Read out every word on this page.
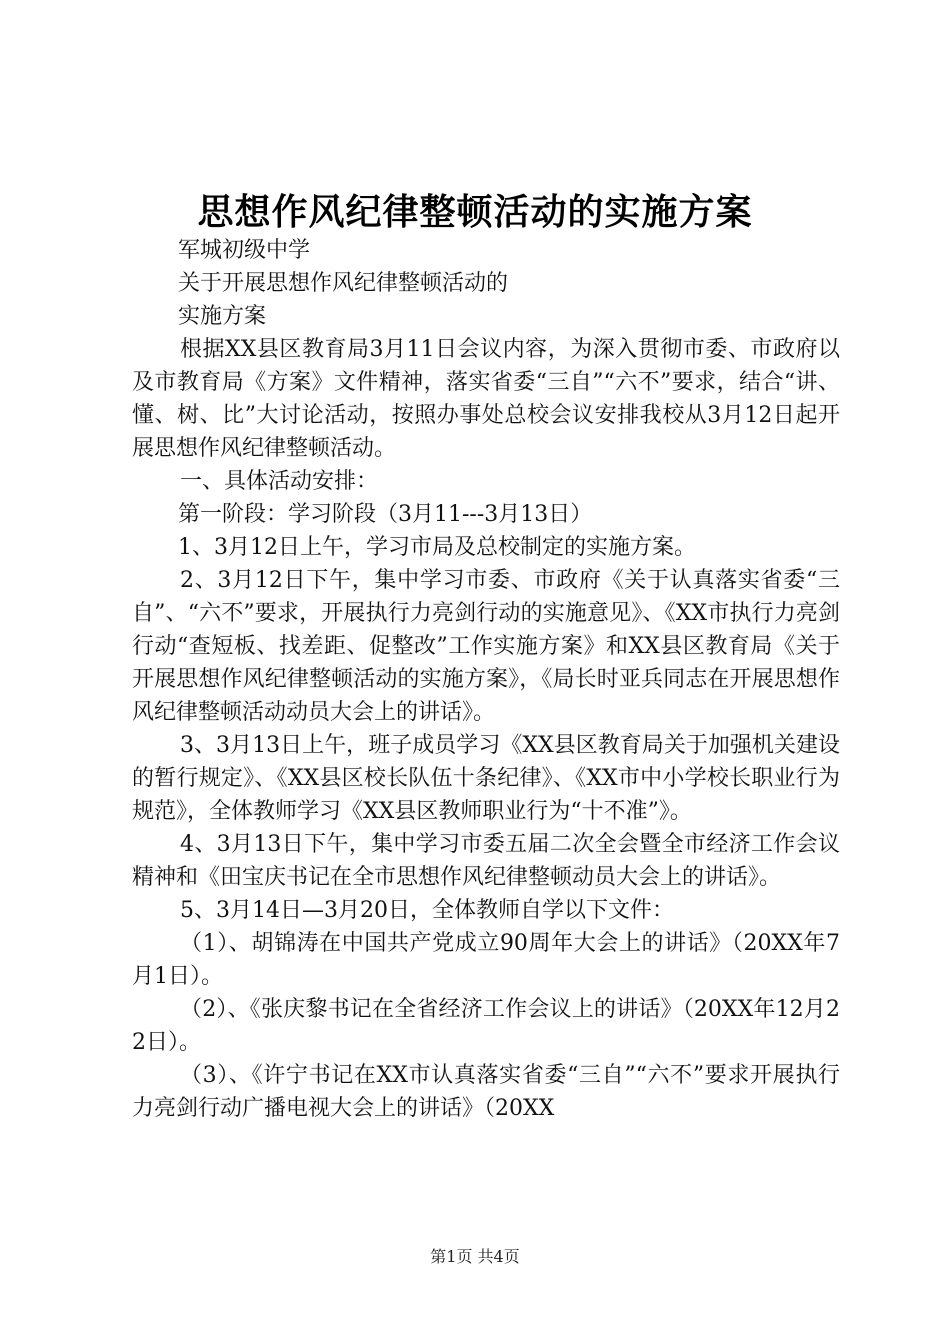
思想作风纪律整顿活动的实施方案

军城初级中学

关于开展思想作风纪律整顿活动的

实施方案

根据XX县区教育局3月11日会议内容，为深入贯彻市委、市政府以及市教育局《方案》文件精神，落实省委“三自”“六不”要求，结合“讲、懂、树、比”大讨论活动，按照办事处总校会议安排我校从3月12日起开展思想作风纪律整顿活动。

一、具体活动安排：

第一阶段：学习阶段（3月11---3月13日）

1、3月12日上午，学习市局及总校制定的实施方案。

2、3月12日下午，集中学习市委、市政府《关于认真落实省委“三自”、“六不”要求，开展执行力亮剑行动的实施意见》、《XX市执行力亮剑行动“查短板、找差距、促整改”工作实施方案》和XX县区教育局《关于开展思想作风纪律整顿活动的实施方案》，《局长时亚兵同志在开展思想作风纪律整顿活动动员大会上的讲话》。

3、3月13日上午，班子成员学习《XX县区教育局关于加强机关建设的暂行规定》、《XX县区校长队伍十条纪律》、《XX市中小学校长职业行为规范》，全体教师学习《XX县区教师职业行为“十不准”》。

4、3月13日下午，集中学习市委五届二次全会暨全市经济工作会议精神和《田宝庆书记在全市思想作风纪律整顿动员大会上的讲话》。

5、3月14日—3月20日，全体教师自学以下文件：

（1）、胡锦涛在中国共产党成立90周年大会上的讲话》（20XX年7月1日）。

（2）、《张庆黎书记在全省经济工作会议上的讲话》（20XX年12月22日）。

（3）、《许宁书记在XX市认真落实省委“三自”“六不”要求开展执行力亮剑行动广播电视大会上的讲话》（20XX

第1页 共4页
